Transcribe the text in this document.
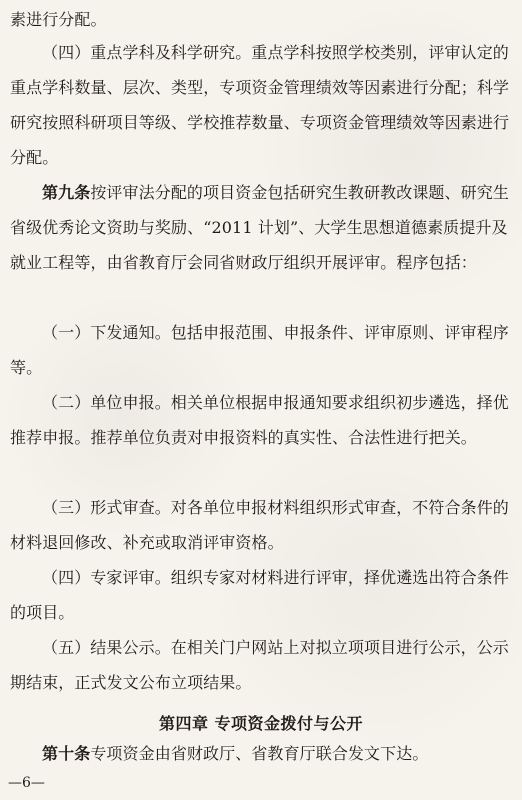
素进行分配。
（四）重点学科及科学研究。重点学科按照学校类别，评审认定的重点学科数量、层次、类型，专项资金管理绩效等因素进行分配；科学研究按照科研项目等级、学校推荐数量、专项资金管理绩效等因素进行分配。
第九条按评审法分配的项目资金包括研究生教研教改课题、研究生省级优秀论文资助与奖励、“2011 计划”、大学生思想道德素质提升及就业工程等，由省教育厅会同省财政厅组织开展评审。程序包括：
（一）下发通知。包括申报范围、申报条件、评审原则、评审程序等。
（二）单位申报。相关单位根据申报通知要求组织初步遴选，择优推荐申报。推荐单位负责对申报资料的真实性、合法性进行把关。
（三）形式审查。对各单位申报材料组织形式审查，不符合条件的材料退回修改、补充或取消评审资格。
（四）专家评审。组织专家对材料进行评审，择优遴选出符合条件的项目。
（五）结果公示。在相关门户网站上对拟立项项目进行公示，公示期结束，正式发文公布立项结果。
第四章 专项资金拨付与公开
第十条专项资金由省财政厅、省教育厅联合发文下达。
—6—
